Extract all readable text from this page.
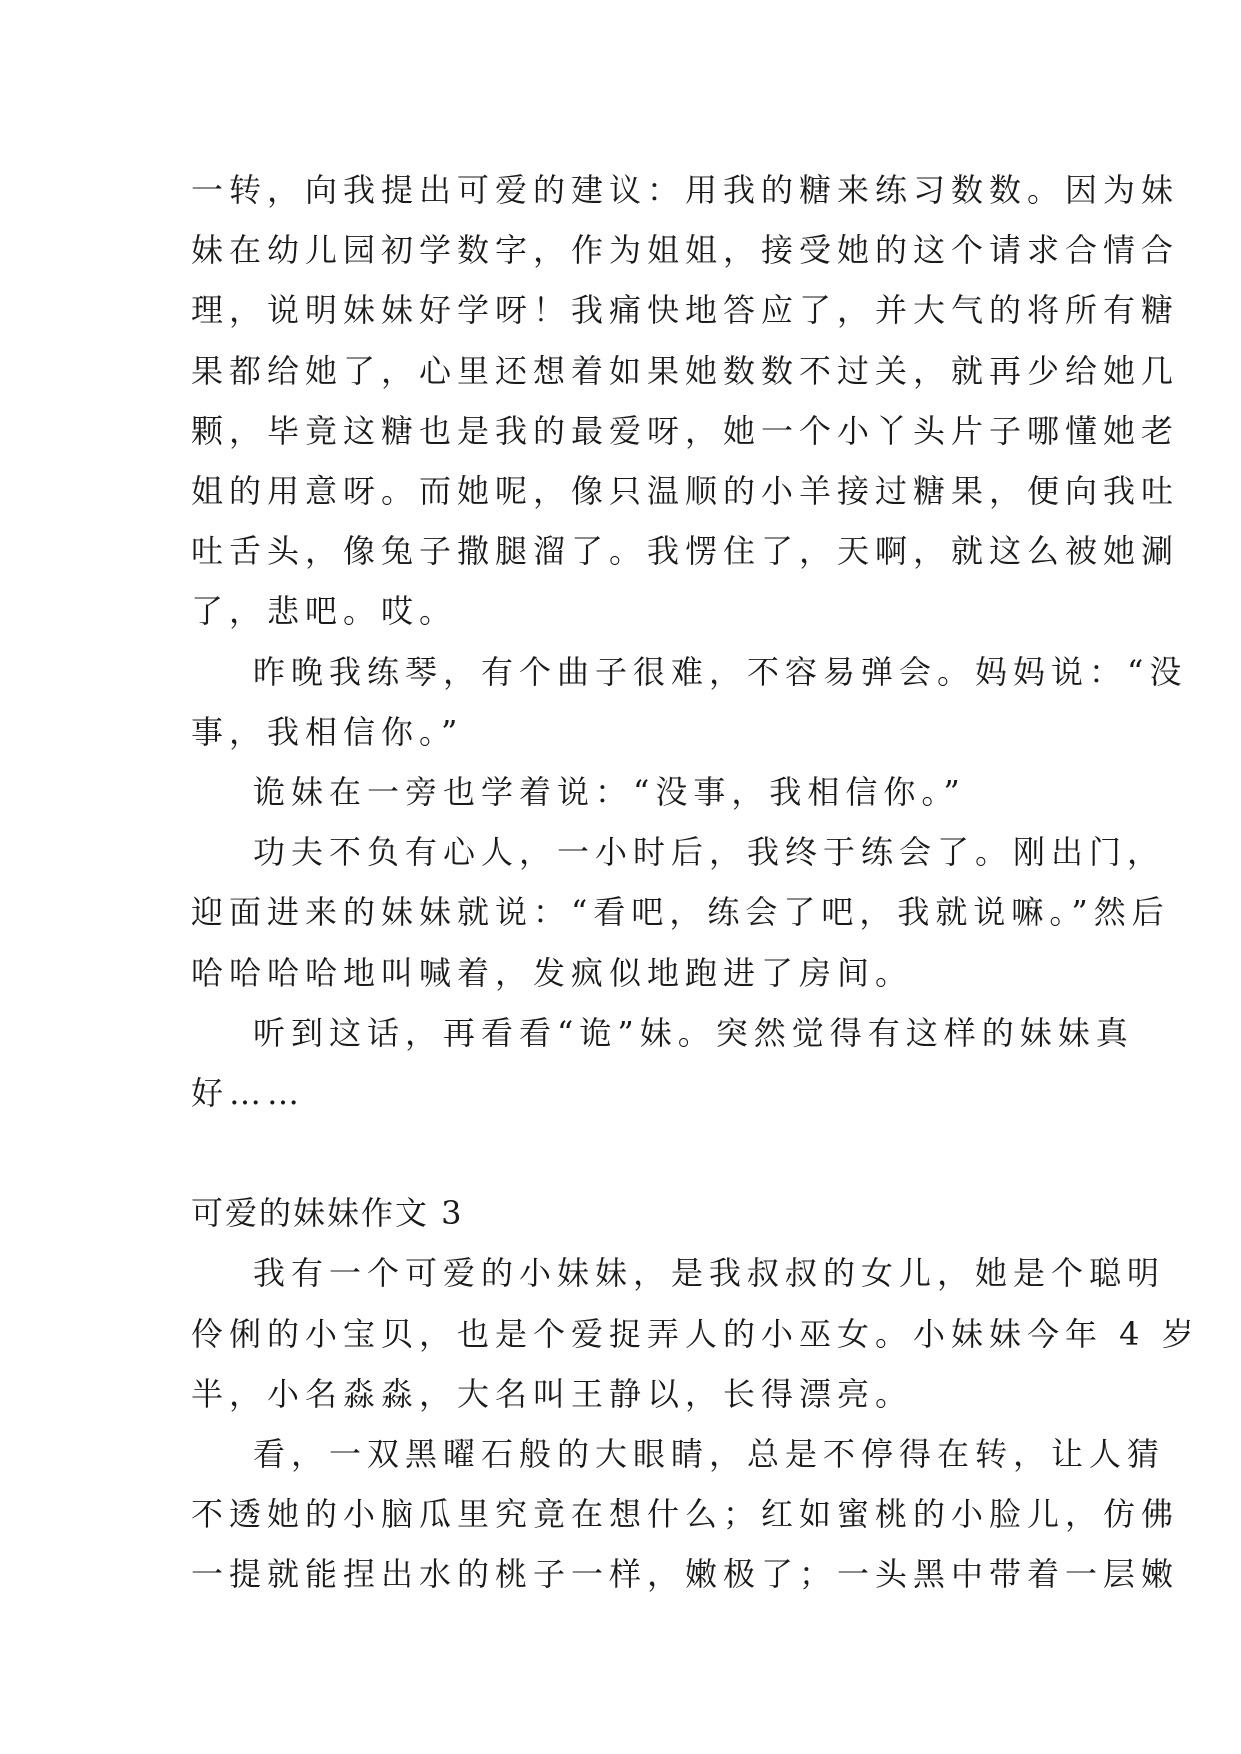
一转，向我提出可爱的建议：用我的糖来练习数数。因为妹
妹在幼儿园初学数字，作为姐姐，接受她的这个请求合情合
理，说明妹妹好学呀！我痛快地答应了，并大气的将所有糖
果都给她了，心里还想着如果她数数不过关，就再少给她几
颗，毕竟这糖也是我的最爱呀，她一个小丫头片子哪懂她老
姐的用意呀。而她呢，像只温顺的小羊接过糖果，便向我吐
吐舌头，像兔子撒腿溜了。我愣住了，天啊，就这么被她涮
了，悲吧。哎。
昨晚我练琴，有个曲子很难，不容易弹会。妈妈说：“没
事，我相信你。”
诡妹在一旁也学着说：“没事，我相信你。”
功夫不负有心人，一小时后，我终于练会了。刚出门，
迎面进来的妹妹就说：“看吧，练会了吧，我就说嘛。”然后
哈哈哈哈地叫喊着，发疯似地跑进了房间。
听到这话，再看看“诡”妹。突然觉得有这样的妹妹真
好……
可爱的妹妹作文 3
我有一个可爱的小妹妹，是我叔叔的女儿，她是个聪明
伶俐的小宝贝，也是个爱捉弄人的小巫女。小妹妹今年 4 岁
半，小名淼淼，大名叫王静以，长得漂亮。
看，一双黑曜石般的大眼睛，总是不停得在转，让人猜
不透她的小脑瓜里究竟在想什么；红如蜜桃的小脸儿，仿佛
一提就能捏出水的桃子一样，嫩极了；一头黑中带着一层嫩
